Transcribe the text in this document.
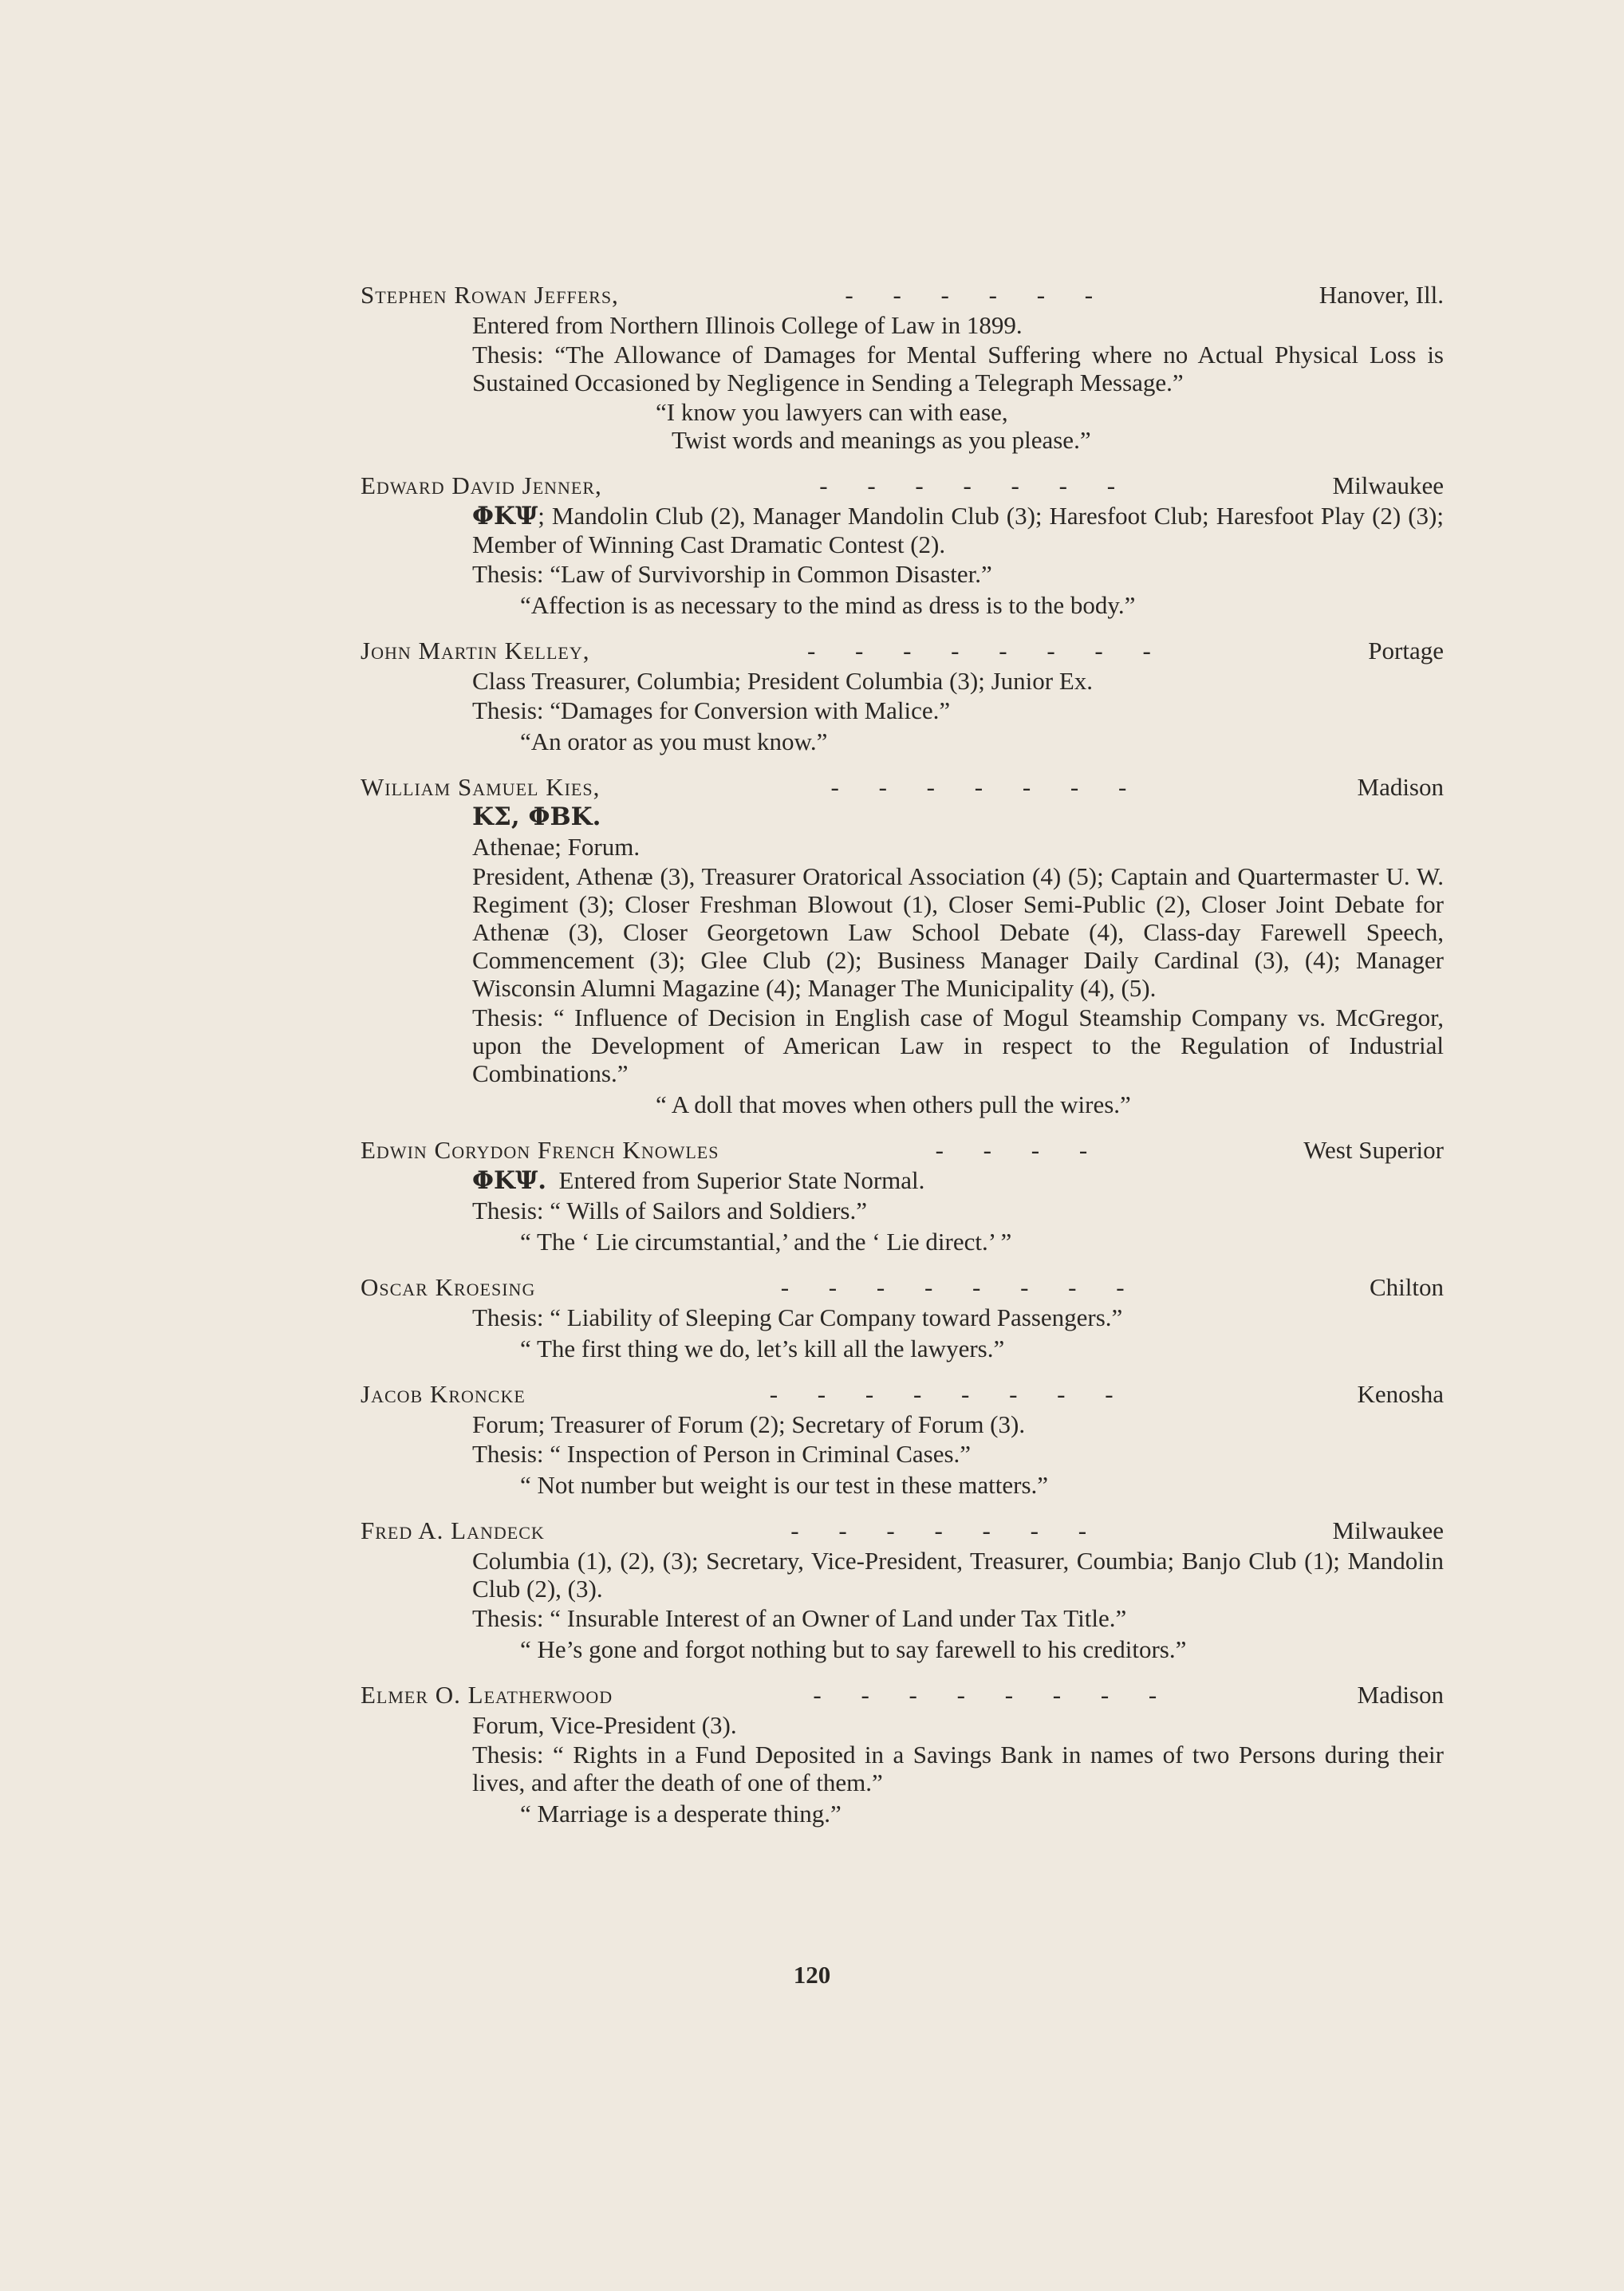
Stephen Rowan Jeffers,	- - - - - -	Hanover, Ill.
Entered from Northern Illinois College of Law in 1899.
Thesis: “The Allowance of Damages for Mental Suffering where no Actual Physical Loss is Sustained Occasioned by Negligence in Sending a Telegraph Message.”
“I know you lawyers can with ease,
Twist words and meanings as you please.”
Edward David Jenner,	- - - - - - -	Milwaukee
ΦΚΨ; Mandolin Club (2), Manager Mandolin Club (3); Haresfoot Club; Haresfoot Play (2) (3); Member of Winning Cast Dramatic Contest (2).
Thesis: “Law of Survivorship in Common Disaster.”
“Affection is as necessary to the mind as dress is to the body.”
John Martin Kelley,	- - - - - - - -	Portage
Class Treasurer, Columbia; President Columbia (3); Junior Ex.
Thesis: “Damages for Conversion with Malice.”
“An orator as you must know.”
William Samuel Kies,	- - - - - - -	Madison
ΚΣ, ΦΒΚ.
Athenae; Forum.
President, Athenæ (3), Treasurer Oratorical Association (4) (5); Captain and Quartermaster U. W. Regiment (3); Closer Freshman Blowout (1), Closer Semi-Public (2), Closer Joint Debate for Athenæ (3), Closer Georgetown Law School Debate (4), Class-day Farewell Speech, Commencement (3); Glee Club (2); Business Manager Daily Cardinal (3), (4); Manager Wisconsin Alumni Magazine (4); Manager The Municipality (4), (5).
Thesis: “ Influence of Decision in English case of Mogul Steamship Company vs. McGregor, upon the Development of American Law in respect to the Regulation of Industrial Combinations.”
“ A doll that moves when others pull the wires.”
Edwin Corydon French Knowles	- - - -	West Superior
ΦΚΨ. Entered from Superior State Normal.
Thesis: “ Wills of Sailors and Soldiers.”
“ The ‘ Lie circumstantial,’ and the ‘ Lie direct.’ ”
Oscar Kroesing	- - - - - - - -	Chilton
Thesis: “ Liability of Sleeping Car Company toward Passengers.”
“ The first thing we do, let’s kill all the lawyers.”
Jacob Kroncke	- - - - - - - -	Kenosha
Forum; Treasurer of Forum (2); Secretary of Forum (3).
Thesis: “ Inspection of Person in Criminal Cases.”
“ Not number but weight is our test in these matters.”
Fred A. Landeck	- - - - - - -	Milwaukee
Columbia (1), (2), (3); Secretary, Vice-President, Treasurer, Coumbia; Banjo Club (1); Mandolin Club (2), (3).
Thesis: “ Insurable Interest of an Owner of Land under Tax Title.”
“ He’s gone and forgot nothing but to say farewell to his creditors.”
Elmer O. Leatherwood	- - - - - - - -	Madison
Forum, Vice-President (3).
Thesis: “ Rights in a Fund Deposited in a Savings Bank in names of two Persons during their lives, and after the death of one of them.”
“ Marriage is a desperate thing.”
120
